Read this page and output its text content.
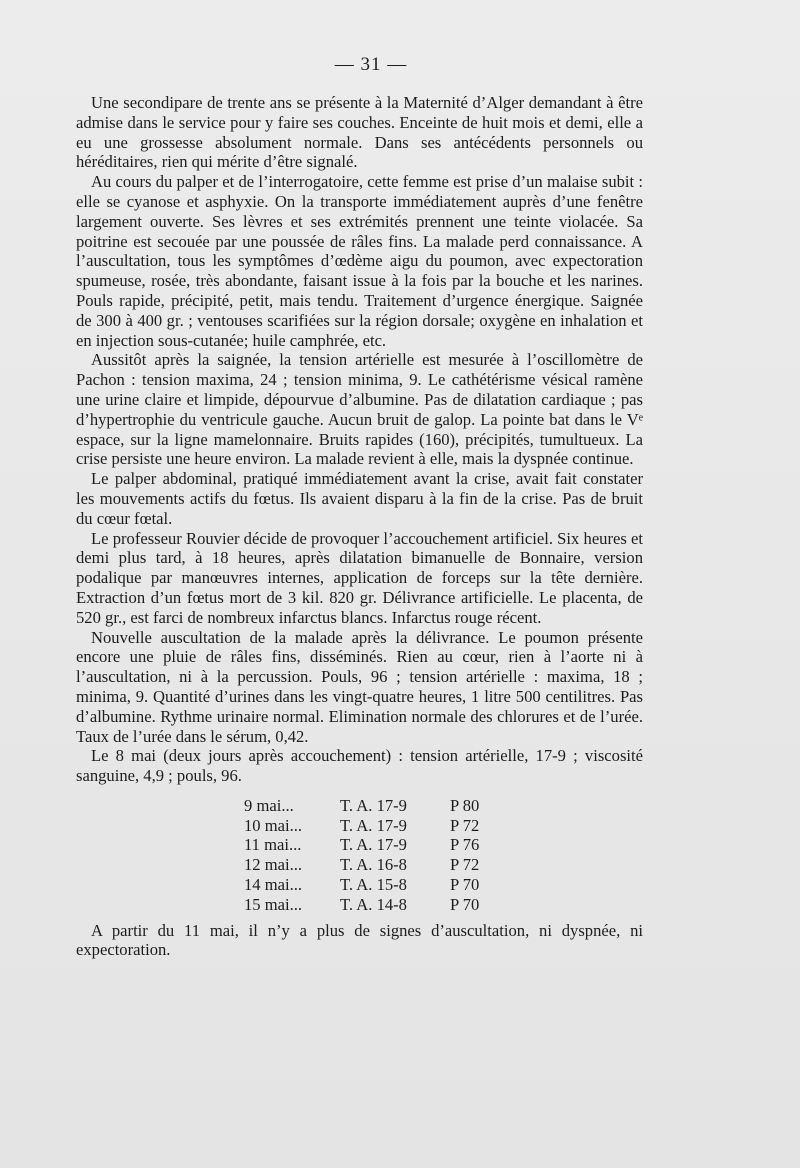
— 31 —

Une secondipare de trente ans se présente à la Maternité d’Alger demandant à être admise dans le service pour y faire ses couches. Enceinte de huit mois et demi, elle a eu une grossesse absolument normale. Dans ses antécédents personnels ou héréditaires, rien qui mérite d’être signalé.

Au cours du palper et de l’interrogatoire, cette femme est prise d’un malaise subit : elle se cyanose et asphyxie. On la transporte immédiatement auprès d’une fenêtre largement ouverte. Ses lèvres et ses extrémités prennent une teinte violacée. Sa poitrine est secouée par une poussée de râles fins. La malade perd connaissance. A l’auscultation, tous les symptômes d’œdème aigu du poumon, avec expectoration spumeuse, rosée, très abondante, faisant issue à la fois par la bouche et les narines. Pouls rapide, précipité, petit, mais tendu. Traitement d’urgence énergique. Saignée de 300 à 400 gr. ; ventouses scarifiées sur la région dorsale; oxygène en inhalation et en injection sous-cutanée; huile camphrée, etc.

Aussitôt après la saignée, la tension artérielle est mesurée à l’oscillomètre de Pachon : tension maxima, 24 ; tension minima, 9. Le cathétérisme vésical ramène une urine claire et limpide, dépourvue d’albumine. Pas de dilatation cardiaque ; pas d’hypertrophie du ventricule gauche. Aucun bruit de galop. La pointe bat dans le Vᵉ espace, sur la ligne mamelonnaire. Bruits rapides (160), précipités, tumultueux. La crise persiste une heure environ. La malade revient à elle, mais la dyspnée continue.

Le palper abdominal, pratiqué immédiatement avant la crise, avait fait constater les mouvements actifs du fœtus. Ils avaient disparu à la fin de la crise. Pas de bruit du cœur fœtal.

Le professeur Rouvier décide de provoquer l’accouchement artificiel. Six heures et demi plus tard, à 18 heures, après dilatation bimanuelle de Bonnaire, version podalique par manœuvres internes, application de forceps sur la tête dernière. Extraction d’un fœtus mort de 3 kil. 820 gr. Délivrance artificielle. Le placenta, de 520 gr., est farci de nombreux infarctus blancs. Infarctus rouge récent.

Nouvelle auscultation de la malade après la délivrance. Le poumon présente encore une pluie de râles fins, disséminés. Rien au cœur, rien à l’aorte ni à l’auscultation, ni à la percussion. Pouls, 96 ; tension artérielle : maxima, 18 ; minima, 9. Quantité d’urines dans les vingt-quatre heures, 1 litre 500 centilitres. Pas d’albumine. Rythme urinaire normal. Elimination normale des chlorures et de l’urée. Taux de l’urée dans le sérum, 0,42.

Le 8 mai (deux jours après accouchement) : tension artérielle, 17-9 ; viscosité sanguine, 4,9 ; pouls, 96.

9 mai...	T. A. 17-9	P 80
10 mai...	T. A. 17-9	P 72
11 mai...	T. A. 17-9	P 76
12 mai...	T. A. 16-8	P 72
14 mai...	T. A. 15-8	P 70
15 mai...	T. A. 14-8	P 70

A partir du 11 mai, il n’y a plus de signes d’auscultation, ni dyspnée, ni expectoration.
